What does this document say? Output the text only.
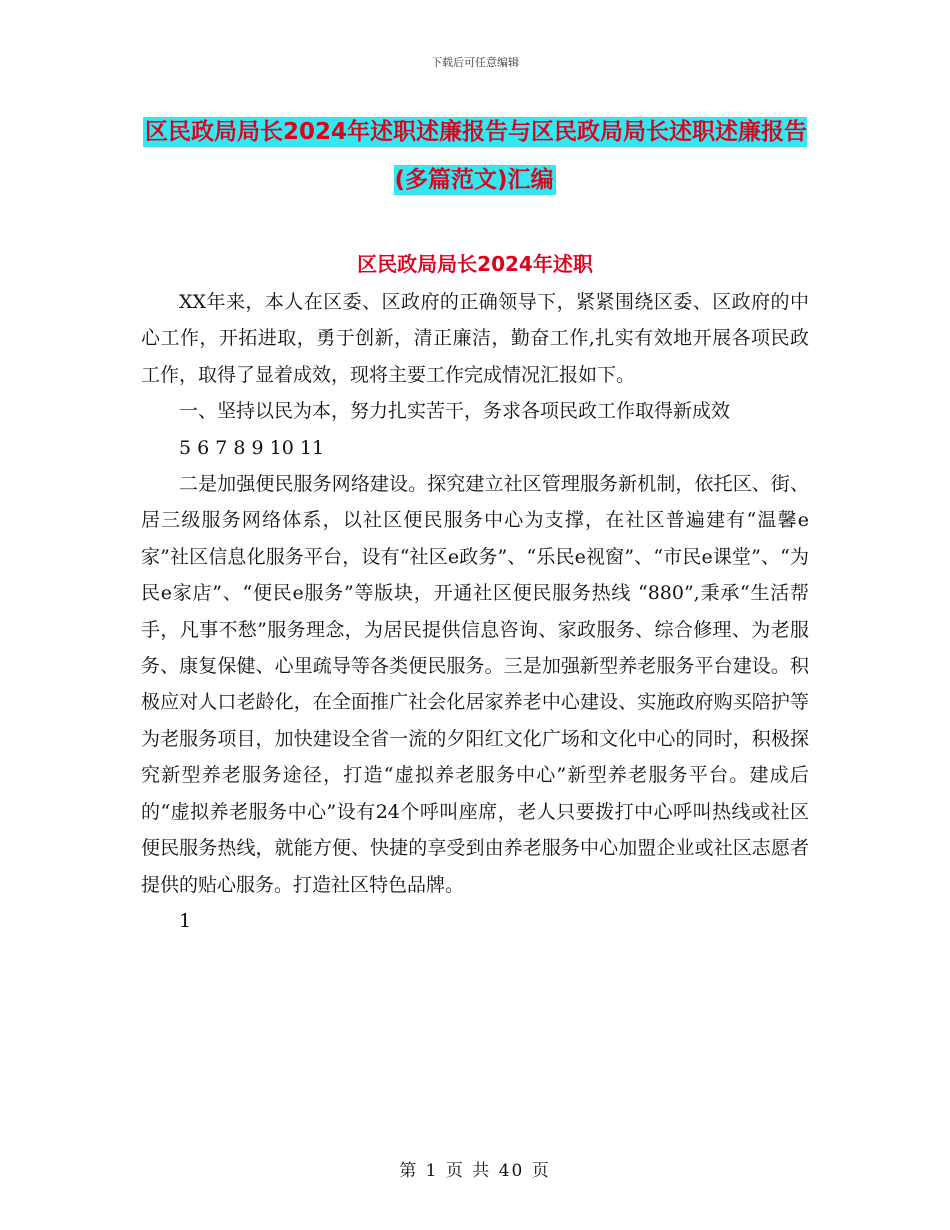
下载后可任意编辑
区民政局局长2024年述职述廉报告与区民政局局长述职述廉报告(多篇范文)汇编
区民政局局长2024年述职

XX年来，本人在区委、区政府的正确领导下，紧紧围绕区委、区政府的中心工作，开拓进取，勇于创新，清正廉洁，勤奋工作,扎实有效地开展各项民政工作，取得了显着成效，现将主要工作完成情况汇报如下。

一、坚持以民为本，努力扎实苦干，务求各项民政工作取得新成效

5 6 7 8 9 10 11

二是加强便民服务网络建设。探究建立社区管理服务新机制，依托区、街、居三级服务网络体系，以社区便民服务中心为支撑，在社区普遍建有“温馨e家”社区信息化服务平台，设有“社区e政务”、“乐民e视窗”、“市民e课堂”、“为民e家店”、“便民e服务”等版块，开通社区便民服务热线 “880”,秉承“生活帮手，凡事不愁”服务理念，为居民提供信息咨询、家政服务、综合修理、为老服务、康复保健、心里疏导等各类便民服务。三是加强新型养老服务平台建设。积极应对人口老龄化，在全面推广社会化居家养老中心建设、实施政府购买陪护等为老服务项目，加快建设全省一流的夕阳红文化广场和文化中心的同时，积极探究新型养老服务途径，打造“虚拟养老服务中心”新型养老服务平台。建成后的“虚拟养老服务中心”设有24个呼叫座席，老人只要拨打中心呼叫热线或社区便民服务热线，就能方便、快捷的享受到由养老服务中心加盟企业或社区志愿者提供的贴心服务。打造社区特色品牌。

1

第 1 页 共 40 页
